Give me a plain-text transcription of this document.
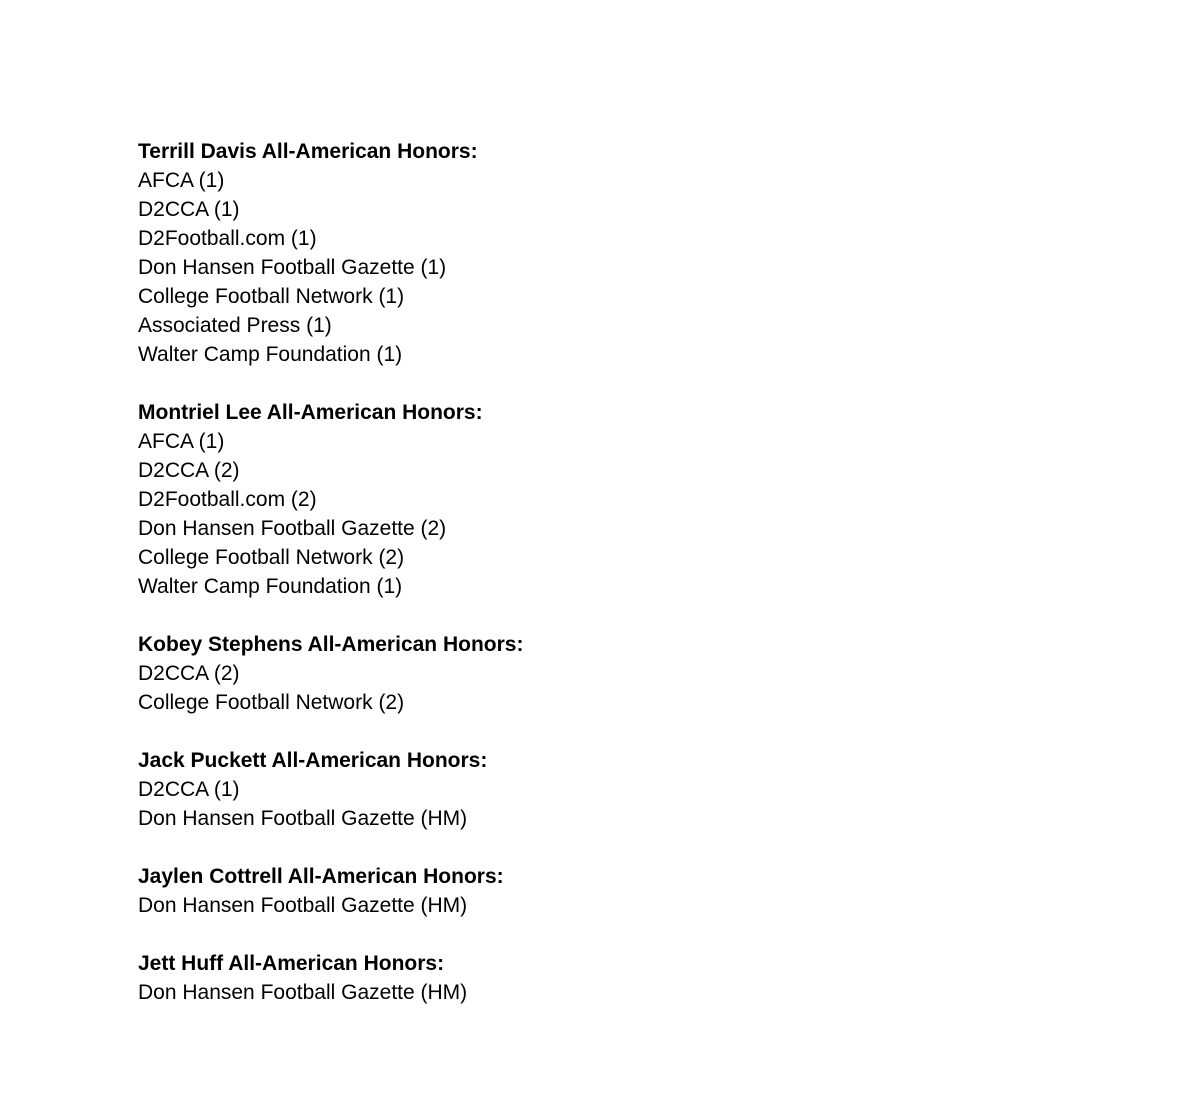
Terrill Davis All-American Honors:
AFCA (1)
D2CCA (1)
D2Football.com (1)
Don Hansen Football Gazette (1)
College Football Network (1)
Associated Press (1)
Walter Camp Foundation (1)
Montriel Lee All-American Honors:
AFCA (1)
D2CCA (2)
D2Football.com (2)
Don Hansen Football Gazette (2)
College Football Network (2)
Walter Camp Foundation (1)
Kobey Stephens All-American Honors:
D2CCA (2)
College Football Network (2)
Jack Puckett All-American Honors:
D2CCA (1)
Don Hansen Football Gazette (HM)
Jaylen Cottrell All-American Honors:
Don Hansen Football Gazette (HM)
Jett Huff All-American Honors:
Don Hansen Football Gazette (HM)
